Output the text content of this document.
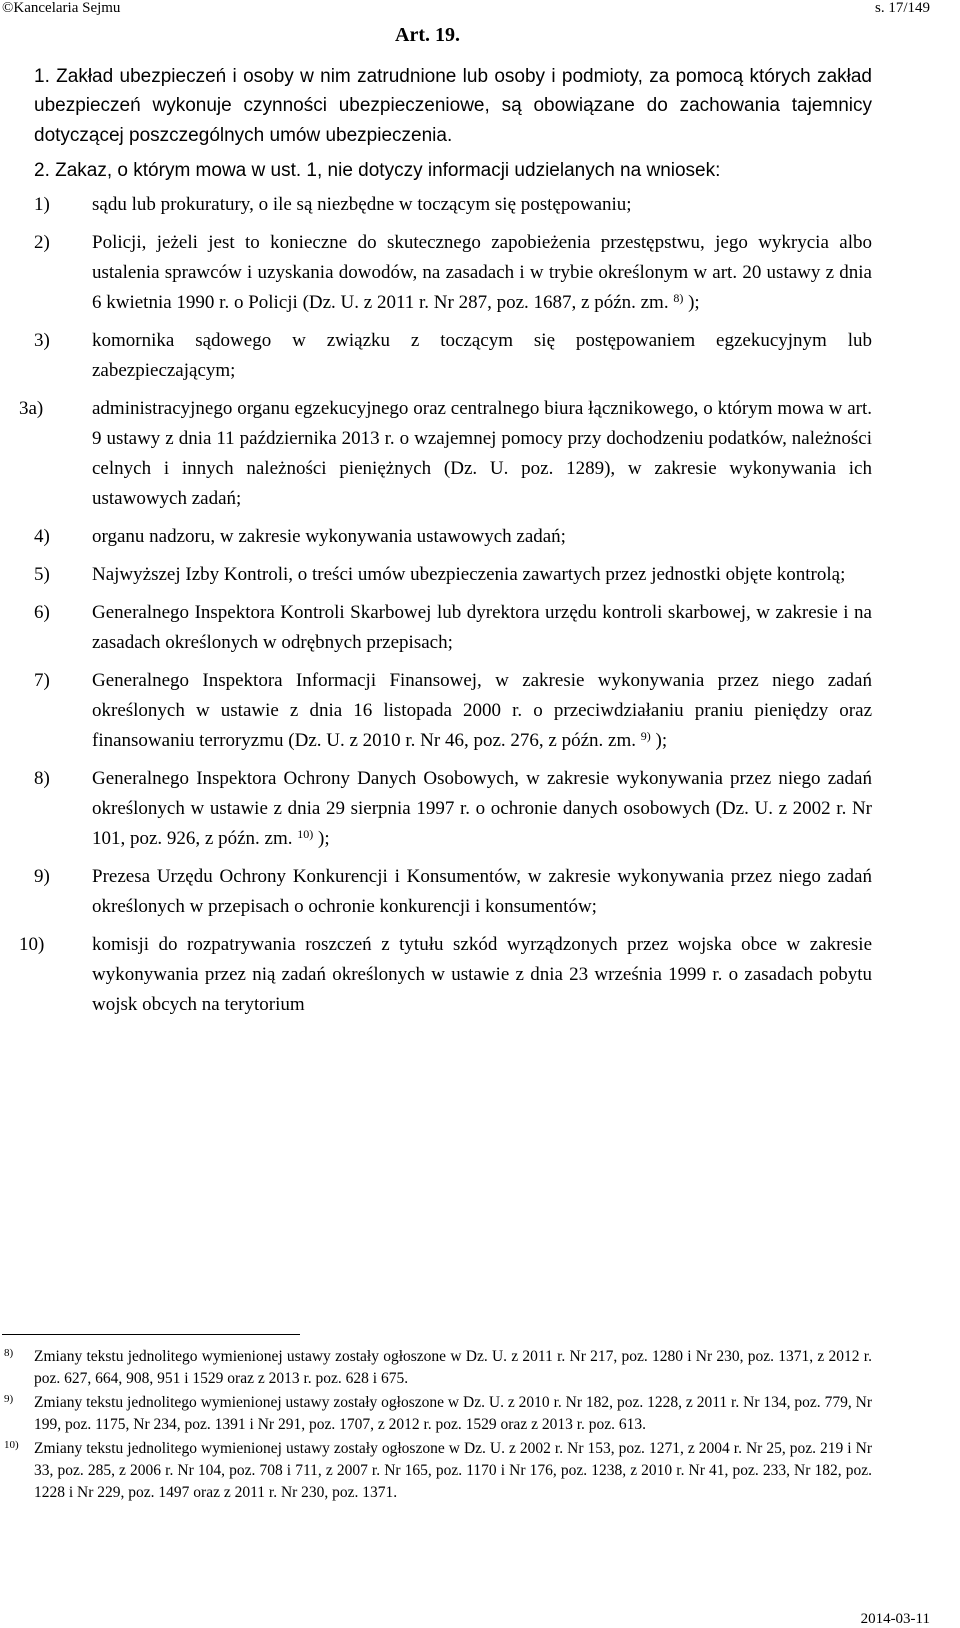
©Kancelaria Sejmu	s. 17/149
Art. 19.

1. Zakład ubezpieczeń i osoby w nim zatrudnione lub osoby i podmioty, za pomocą których zakład ubezpieczeń wykonuje czynności ubezpieczeniowe, są obowiązane do zachowania tajemnicy dotyczącej poszczególnych umów ubezpieczenia.

2. Zakaz, o którym mowa w ust. 1, nie dotyczy informacji udzielanych na wniosek:

1) sądu lub prokuratury, o ile są niezbędne w toczącym się postępowaniu;
2) Policji, jeżeli jest to konieczne do skutecznego zapobieżenia przestępstwu, jego wykrycia albo ustalenia sprawców i uzyskania dowodów, na zasadach i w trybie określonym w art. 20 ustawy z dnia 6 kwietnia 1990 r. o Policji (Dz. U. z 2011 r. Nr 287, poz. 1687, z późn. zm. $^{8)}$ );
3) komornika sądowego w związku z toczącym się postępowaniem egzekucyjnym lub zabezpieczającym;
3a)	administracyjnego organu egzekucyjnego oraz centralnego biura łącznikowego, o którym mowa w art. 9 ustawy z dnia 11 października 2013 r. o wzajemnej pomocy przy dochodzeniu podatków, należności celnych i innych należności pieniężnych (Dz. U. poz. 1289), w zakresie wykonywania ich ustawowych zadań;
4) organu nadzoru, w zakresie wykonywania ustawowych zadań;
5) Najwyższej Izby Kontroli, o treści umów ubezpieczenia zawartych przez jednostki objęte kontrolą;
6) Generalnego Inspektora Kontroli Skarbowej lub dyrektora urzędu kontroli skarbowej, w zakresie i na zasadach określonych w odrębnych przepisach;
7) Generalnego Inspektora Informacji Finansowej, w zakresie wykonywania przez niego zadań określonych w ustawie z dnia 16 listopada 2000 r. o przeciwdziałaniu praniu pieniędzy oraz finansowaniu terroryzmu (Dz. U. z 2010 r. Nr 46, poz. 276, z późn. zm. $^{9)}$ );
8) Generalnego Inspektora Ochrony Danych Osobowych, w zakresie wykonywania przez niego zadań określonych w ustawie z dnia 29 sierpnia 1997 r. o ochronie danych osobowych (Dz. U. z 2002 r. Nr 101, poz. 926, z późn. zm. $^{10)}$ );
9) Prezesa Urzędu Ochrony Konkurencji i Konsumentów, w zakresie wykonywania przez niego zadań określonych w przepisach o ochronie konkurencji i konsumentów;
10)	komisji do rozpatrywania roszczeń z tytułu szkód wyrządzonych przez wojska obce w zakresie wykonywania przez nią zadań określonych w ustawie z dnia 23 września 1999 r. o zasadach pobytu wojsk obcych na terytorium
8) Zmiany tekstu jednolitego wymienionej ustawy zostały ogłoszone w Dz. U. z 2011 r. Nr 217, poz. 1280 i Nr 230, poz. 1371, z 2012 r. poz. 627, 664, 908, 951 i 1529 oraz z 2013 r. poz. 628 i 675.
9) Zmiany tekstu jednolitego wymienionej ustawy zostały ogłoszone w Dz. U. z 2010 r. Nr 182, poz. 1228, z 2011 r. Nr 134, poz. 779, Nr 199, poz. 1175, Nr 234, poz. 1391 i Nr 291, poz. 1707, z 2012 r. poz. 1529 oraz z 2013 r. poz. 613.
10) Zmiany tekstu jednolitego wymienionej ustawy zostały ogłoszone w Dz. U. z 2002 r. Nr 153, poz. 1271, z 2004 r. Nr 25, poz. 219 i Nr 33, poz. 285, z 2006 r. Nr 104, poz. 708 i 711, z 2007 r. Nr 165, poz. 1170 i Nr 176, poz. 1238, z 2010 r. Nr 41, poz. 233, Nr 182, poz. 1228 i Nr 229, poz. 1497 oraz z 2011 r. Nr 230, poz. 1371.
2014-03-11
